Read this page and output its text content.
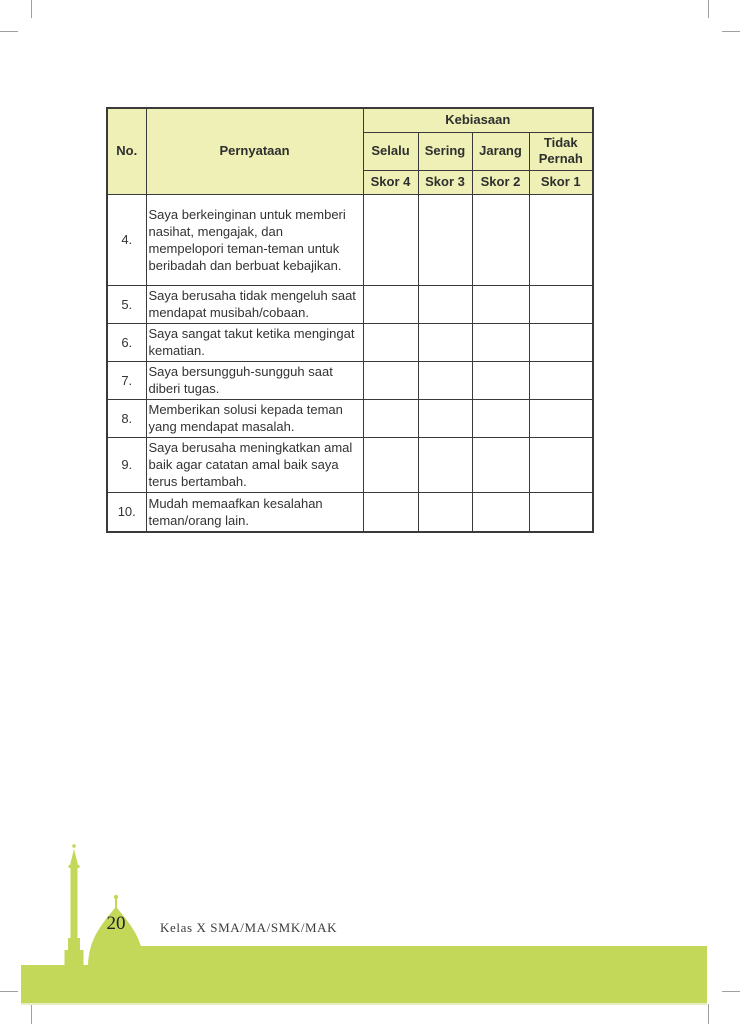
No.	Pernyataan	Kebiasaan			
		Selalu	Sering	Jarang	Tidak Pernah
		Skor 4	Skor 3	Skor 2	Skor 1
4.	Saya berkeinginan untuk memberi nasihat, mengajak, dan mempelopori teman-teman untuk beribadah dan berbuat kebajikan.				
5.	Saya berusaha tidak mengeluh saat mendapat musibah/cobaan.				
6.	Saya sangat takut ketika mengingat kematian.				
7.	Saya bersungguh-sungguh saat diberi tugas.				
8.	Memberikan solusi kepada teman yang mendapat masalah.				
9.	Saya berusaha meningkatkan amal baik agar catatan amal baik saya terus bertambah.				
10.	Mudah memaafkan kesalahan teman/orang lain.				
20	Kelas X SMA/MA/SMK/MAK
